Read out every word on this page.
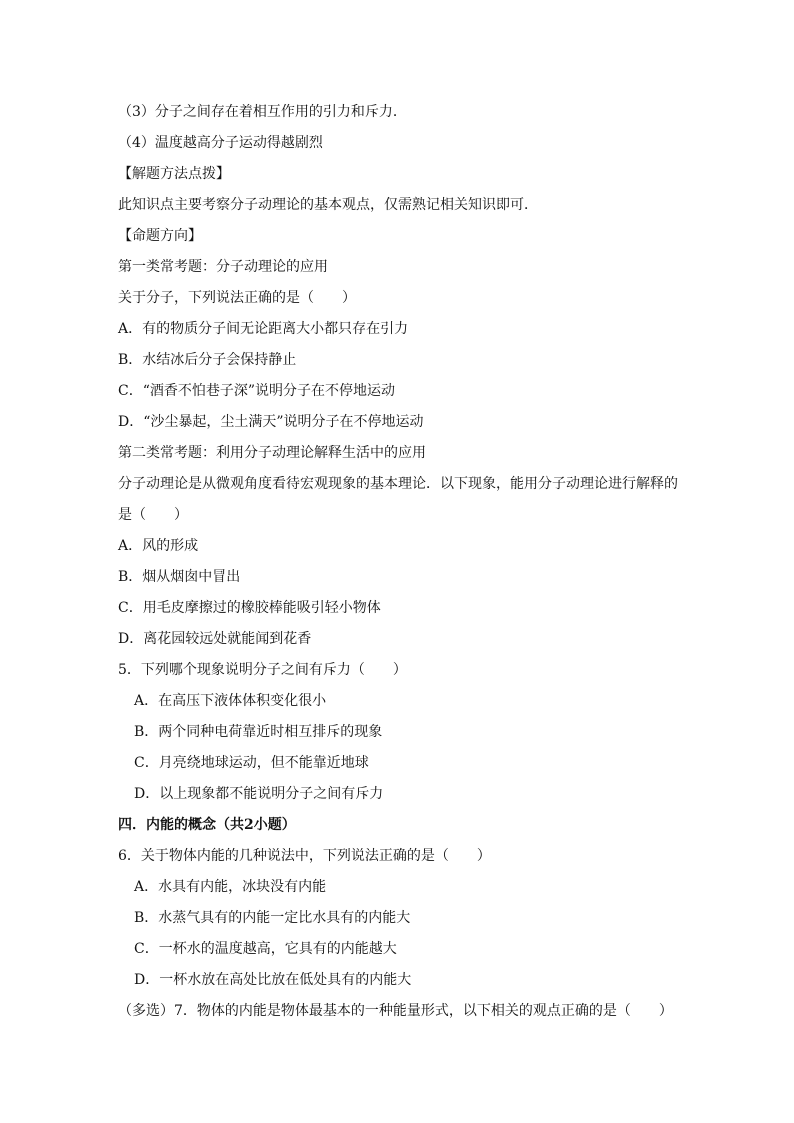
（3）分子之间存在着相互作用的引力和斥力．
（4）温度越高分子运动得越剧烈
【解题方法点拨】
此知识点主要考察分子动理论的基本观点，仅需熟记相关知识即可．
【命题方向】
第一类常考题：分子动理论的应用
关于分子，下列说法正确的是（　　）
A．有的物质分子间无论距离大小都只存在引力
B．水结冰后分子会保持静止
C．“酒香不怕巷子深”说明分子在不停地运动
D．“沙尘暴起，尘土满天”说明分子在不停地运动
第二类常考题：利用分子动理论解释生活中的应用
分子动理论是从微观角度看待宏观现象的基本理论．以下现象，能用分子动理论进行解释的
是（　　）
A．风的形成
B．烟从烟囱中冒出
C．用毛皮摩擦过的橡胶棒能吸引轻小物体
D．离花园较远处就能闻到花香
5．下列哪个现象说明分子之间有斥力（　　）
A．在高压下液体体积变化很小
B．两个同种电荷靠近时相互排斥的现象
C．月亮绕地球运动，但不能靠近地球
D．以上现象都不能说明分子之间有斥力
四．内能的概念（共2小题）
6．关于物体内能的几种说法中，下列说法正确的是（　　）
A．水具有内能，冰块没有内能
B．水蒸气具有的内能一定比水具有的内能大
C．一杯水的温度越高，它具有的内能越大
D．一杯水放在高处比放在低处具有的内能大
（多选）7．物体的内能是物体最基本的一种能量形式，以下相关的观点正确的是（　　）
